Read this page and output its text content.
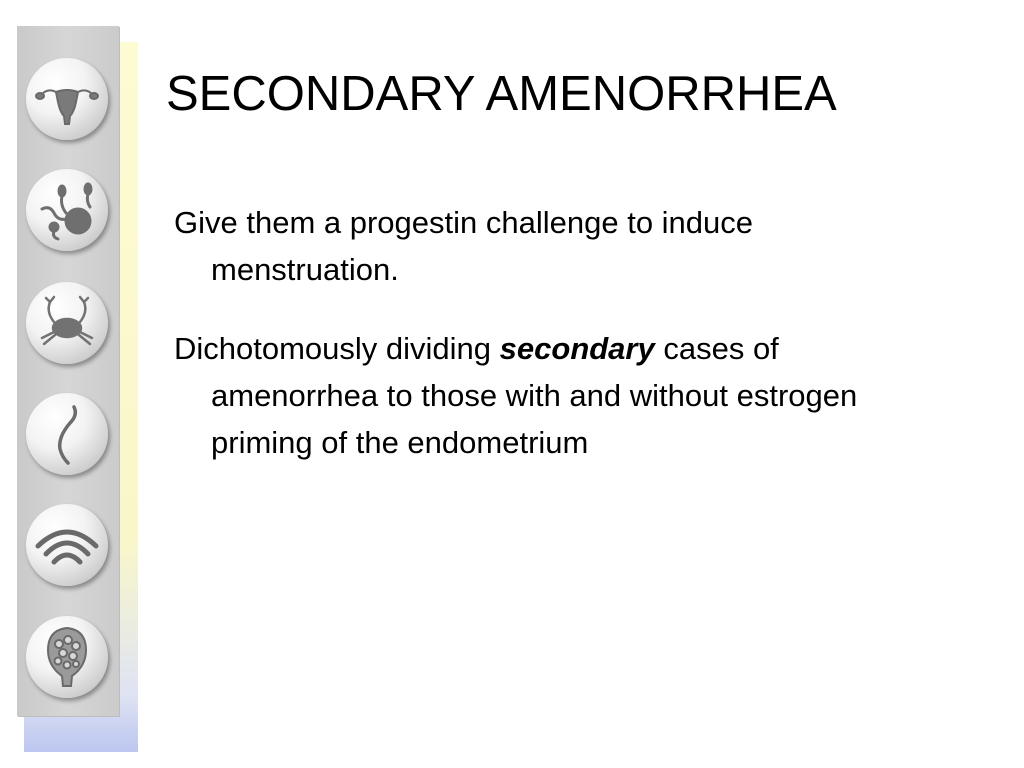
SECONDARY AMENORRHEA
Give them a progestin challenge to induce menstruation.
Dichotomously dividing secondary cases of amenorrhea to those with and without estrogen priming of the endometrium
